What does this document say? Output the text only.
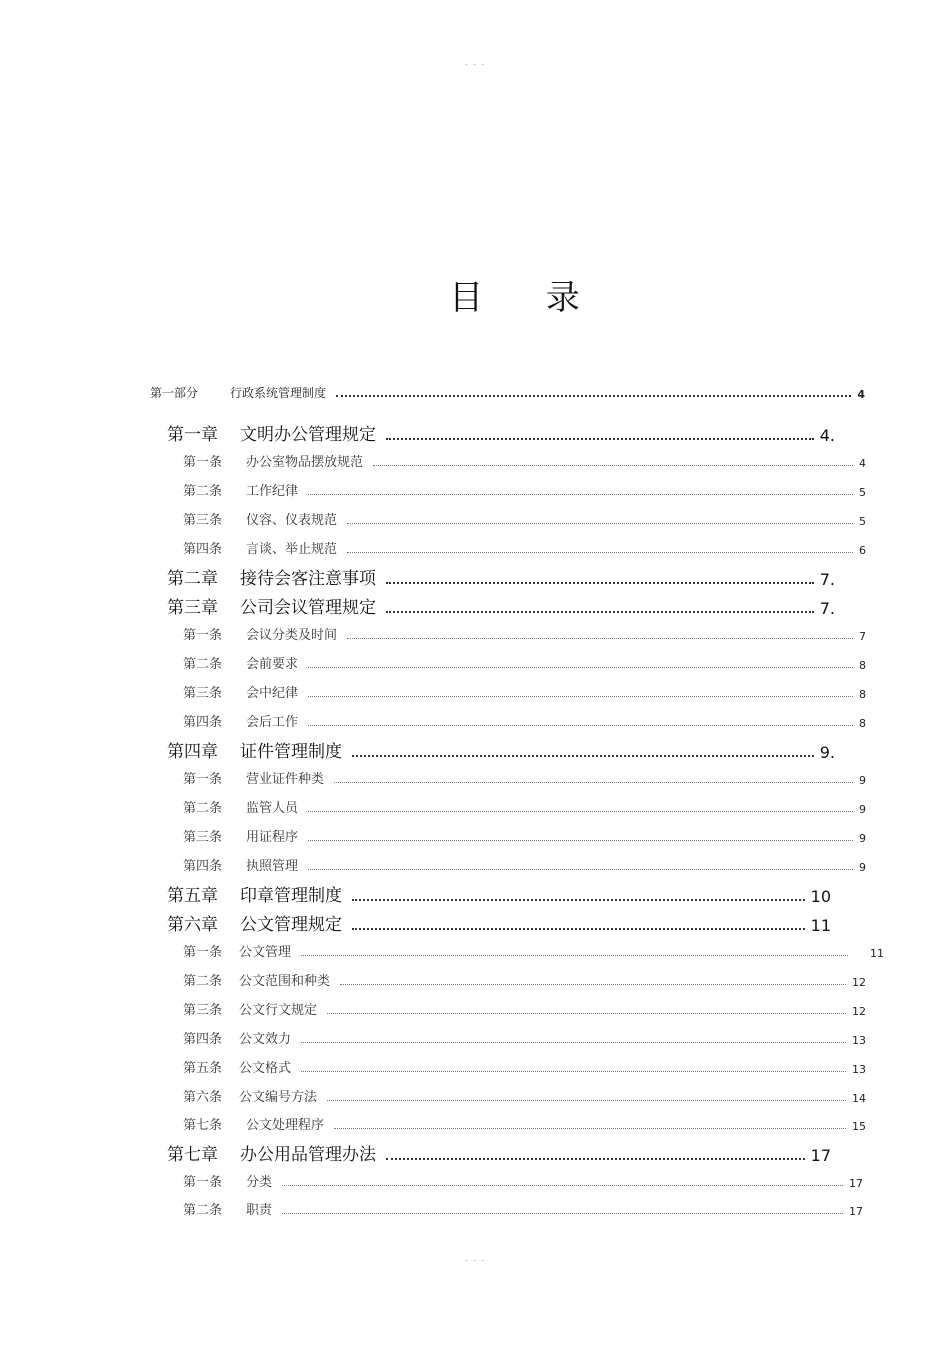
- - -
目 录
第一部分	行政系统管理制度	4
第一章	文明办公管理规定	4.
第一条	办公室物品摆放规范	4
第二条	工作纪律	5
第三条	仪容、仪表规范	5
第四条	言谈、举止规范	6
第二章	接待会客注意事项	7.
第三章	公司会议管理规定	7.
第一条	会议分类及时间	7
第二条	会前要求	8
第三条	会中纪律	8
第四条	会后工作	8
第四章	证件管理制度	9.
第一条	营业证件种类	9
第二条	监管人员	9
第三条	用证程序	9
第四条	执照管理	9
第五章	印章管理制度	10
第六章	公文管理规定	11
第一条	公文管理	11
第二条	公文范围和种类	12
第三条	公文行文规定	12
第四条	公文效力	13
第五条	公文格式	13
第六条	公文编号方法	14
第七条	公文处理程序	15
第七章	办公用品管理办法	17
第一条	分类	17
第二条	职责	17
- - -
